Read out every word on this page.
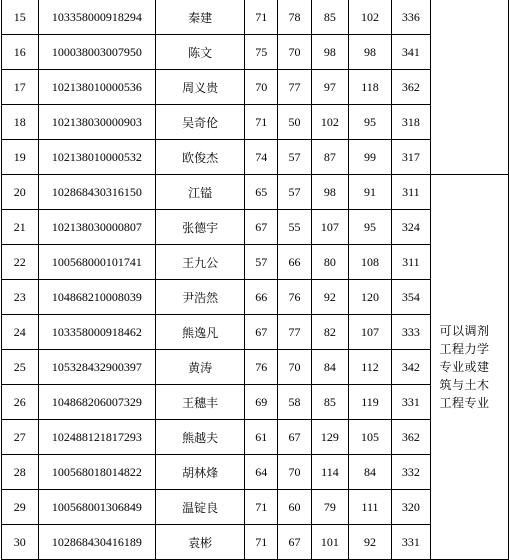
15	103358000918294	秦建	71	78	85	102	336	
16	100038003007950	陈文	75	70	98	98	341	
17	102138010000536	周义贵	70	77	97	118	362	
18	102138030000903	吴奇伦	71	50	102	95	318	
19	102138010000532	欧俊杰	74	57	87	99	317	
20	102868430316150	江镒	65	57	98	91	311	可以调剂工程力学专业或建筑与土木工程专业

21	102138030000807	张德宇	67	55	107	95	324	
22	100568000101741	王九公	57	66	80	108	311	
23	104868210008039	尹浩然	66	76	92	120	354	
24	103358000918462	熊逸凡	67	77	82	107	333	
25	105328432900397	黄涛	76	70	84	112	342	
26	104868206007329	王穗丰	69	58	85	119	331	
27	102488121817293	熊越夫	61	67	129	105	362	
28	100568018014822	胡林烽	64	70	114	84	332	
29	100568001306849	温锭良	71	60	79	111	320	
30	102868430416189	袁彬	71	67	101	92	331	
